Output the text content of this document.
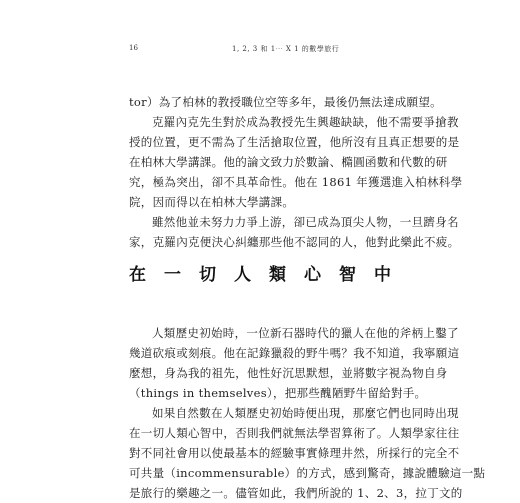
16	1, 2, 3 和 1⋯ X 1 的數學旅行

tor）為了柏林的教授職位空等多年，最後仍無法達成願望。

克羅內克先生對於成為教授先生興趣缺缺，他不需要爭搶教

授的位置，更不需為了生活搶取位置，他所沒有且真正想要的是

在柏林大學講課。他的論文致力於數論、橢圓函數和代數的研

究，極為突出，卻不具革命性。他在 1861 年獲選進入柏林科學

院，因而得以在柏林大學講課。

雖然他並未努力力爭上游，卻已成為頂尖人物，一旦躋身名

家，克羅內克便決心糾纏那些他不認同的人，他對此樂此不疲。

在 一 切 人 類 心 智 中

人類歷史初始時，一位新石器時代的獵人在他的斧柄上鑿了

幾道砍痕或刻痕。他在記錄獵殺的野牛嗎？我不知道，我寧願這

麼想，身為我的祖先，他性好沉思默想，並將數字視為物自身

（things in themselves），把那些醜陋野牛留給對手。

如果自然數在人類歷史初始時便出現，那麼它們也同時出現

在一切人類心智中，否則我們就無法學習算術了。人類學家往往

對不同社會用以使最基本的經驗事實條理井然，所採行的完全不

可共量（incommensurable）的方式，感到驚奇，據說體驗這一點

是旅行的樂趣之一。儘管如此，我們所說的 1、2、3，拉丁文的
